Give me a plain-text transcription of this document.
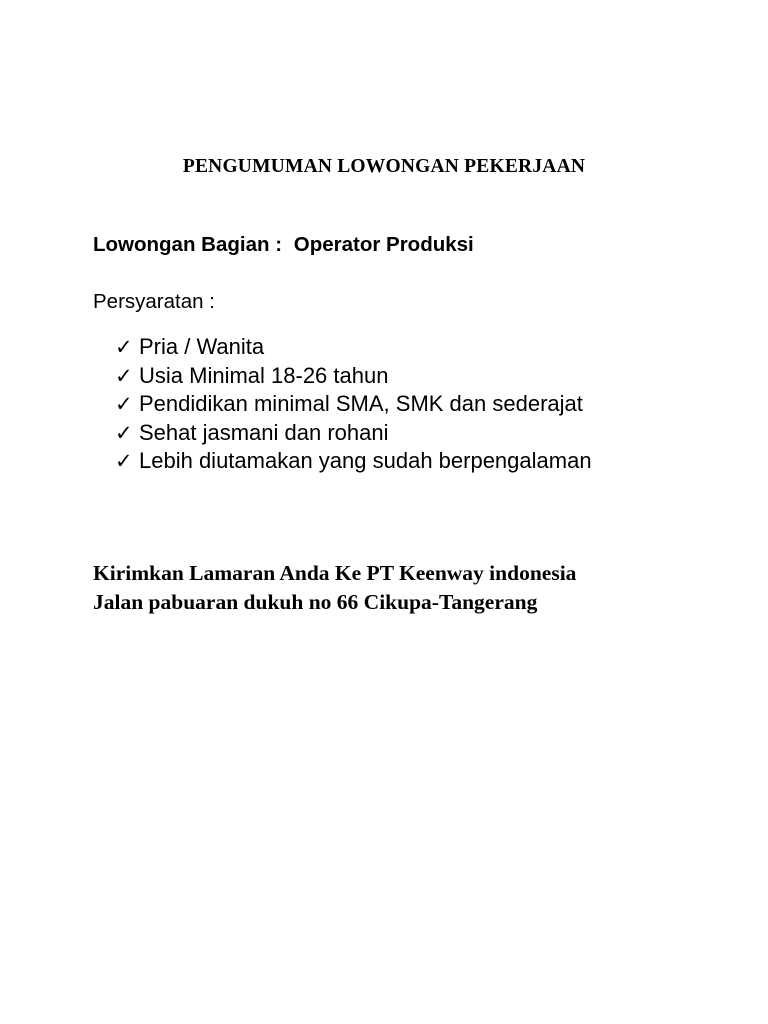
PENGUMUMAN LOWONGAN PEKERJAAN
Lowongan Bagian : Operator Produksi
Persyaratan :
✓ Pria / Wanita
✓ Usia Minimal 18-26 tahun
✓ Pendidikan minimal SMA, SMK dan sederajat
✓ Sehat jasmani dan rohani
✓ Lebih diutamakan yang sudah berpengalaman
Kirimkan Lamaran Anda Ke PT Keenway indonesia
Jalan pabuaran dukuh no 66 Cikupa-Tangerang
